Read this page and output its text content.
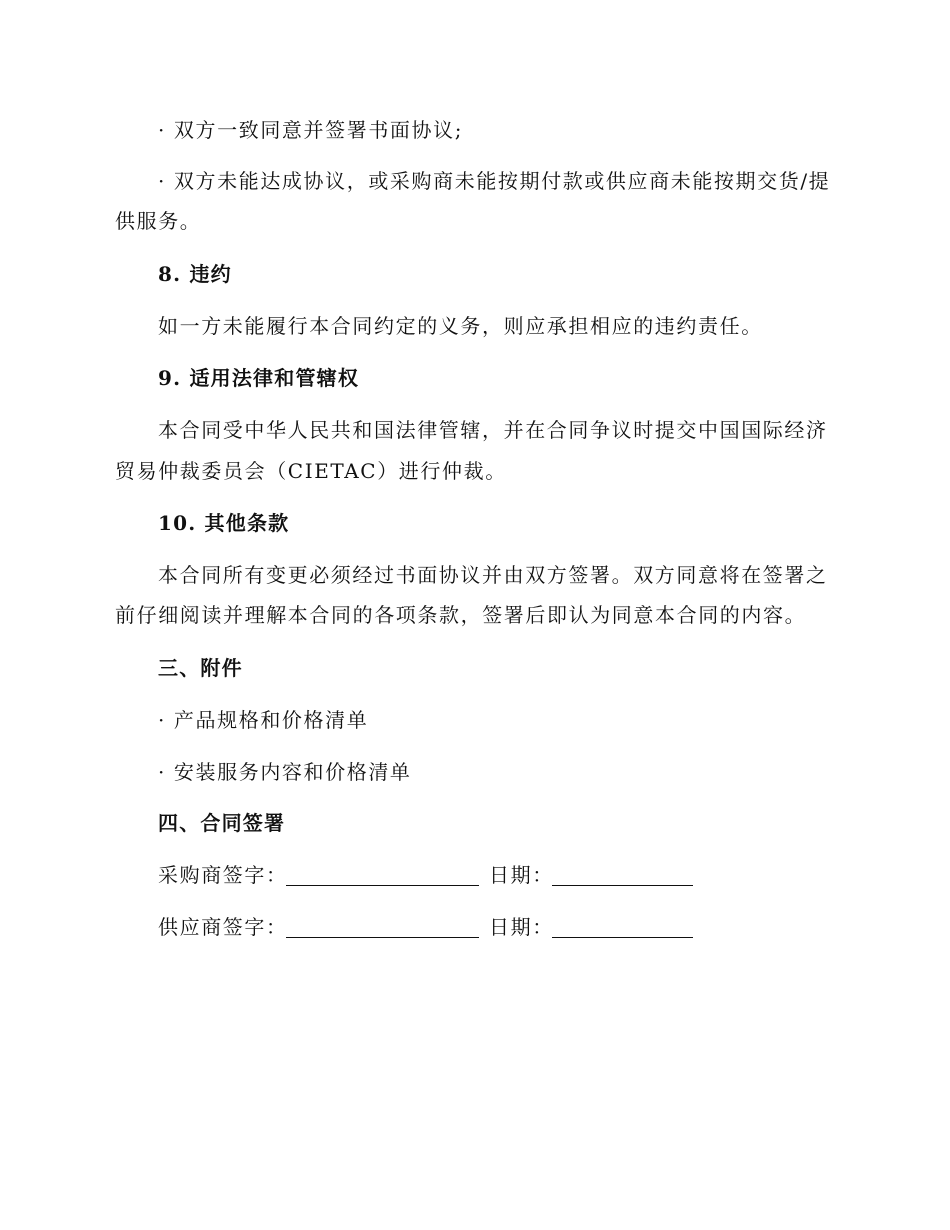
· 双方一致同意并签署书面协议;
· 双方未能达成协议，或采购商未能按期付款或供应商未能按期交货/提
供服务。
8. 违约
如一方未能履行本合同约定的义务，则应承担相应的违约责任。
9. 适用法律和管辖权
本合同受中华人民共和国法律管辖，并在合同争议时提交中国国际经济
贸易仲裁委员会（CIETAC）进行仲裁。
10. 其他条款
本合同所有变更必须经过书面协议并由双方签署。双方同意将在签署之
前仔细阅读并理解本合同的各项条款，签署后即认为同意本合同的内容。
三、附件
· 产品规格和价格清单
· 安装服务内容和价格清单
四、合同签署
采购商签字：	日期：
供应商签字：	日期：
